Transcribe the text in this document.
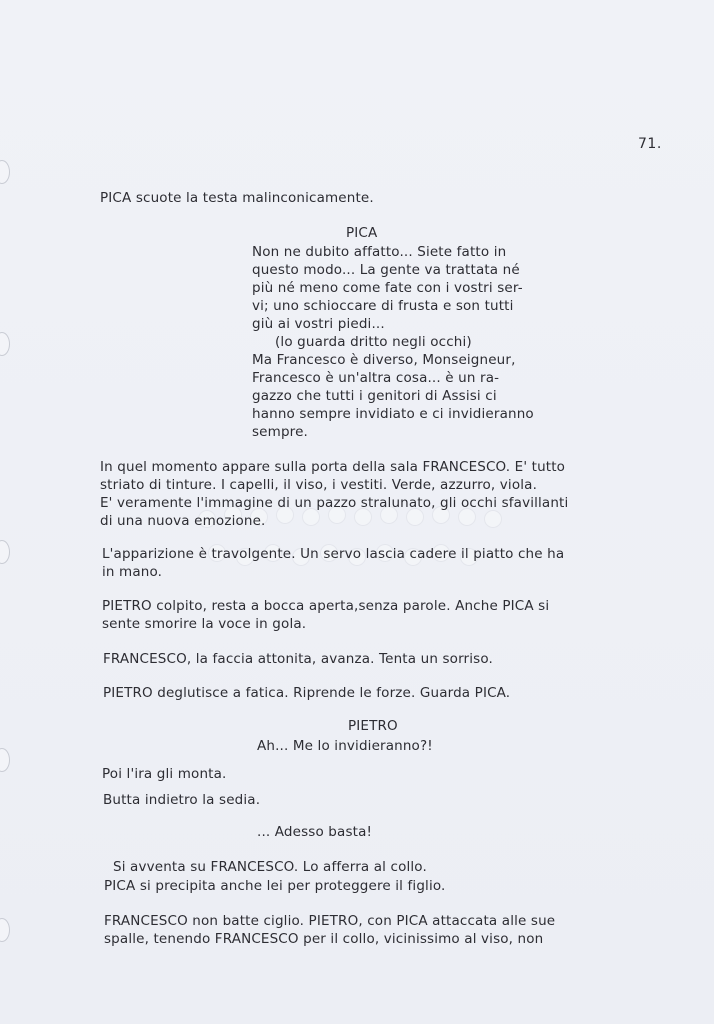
71.
PICA scuote la testa malinconicamente.
PICA
Non ne dubito affatto... Siete fatto in
questo modo... La gente va trattata né
più né meno come fate con i vostri ser-
vi; uno schioccare di frusta e son tutti
giù ai vostri piedi...
(lo guarda dritto negli occhi)
Ma Francesco è diverso, Monseigneur,
Francesco è un'altra cosa... è un ra-
gazzo che tutti i genitori di Assisi ci
hanno sempre invidiato e ci invidieranno
sempre.
In quel momento appare sulla porta della sala FRANCESCO. E' tutto
striato di tinture. I capelli, il viso, i vestiti. Verde, azzurro, viola.
E' veramente l'immagine di un pazzo stralunato, gli occhi sfavillanti
di una nuova emozione.
L'apparizione è travolgente. Un servo lascia cadere il piatto che ha
in mano.
PIETRO colpito, resta a bocca aperta,senza parole. Anche PICA si
sente smorire la voce in gola.
FRANCESCO, la faccia attonita, avanza. Tenta un sorriso.
PIETRO deglutisce a fatica. Riprende le forze. Guarda PICA.
PIETRO
Ah... Me lo invidieranno?!
Poi l'ira gli monta.
Butta indietro la sedia.
... Adesso basta!
Si avventa su FRANCESCO. Lo afferra al collo.
PICA si precipita anche lei per proteggere il figlio.
FRANCESCO non batte ciglio. PIETRO, con PICA attaccata alle sue
spalle, tenendo FRANCESCO per il collo, vicinissimo al viso, non
